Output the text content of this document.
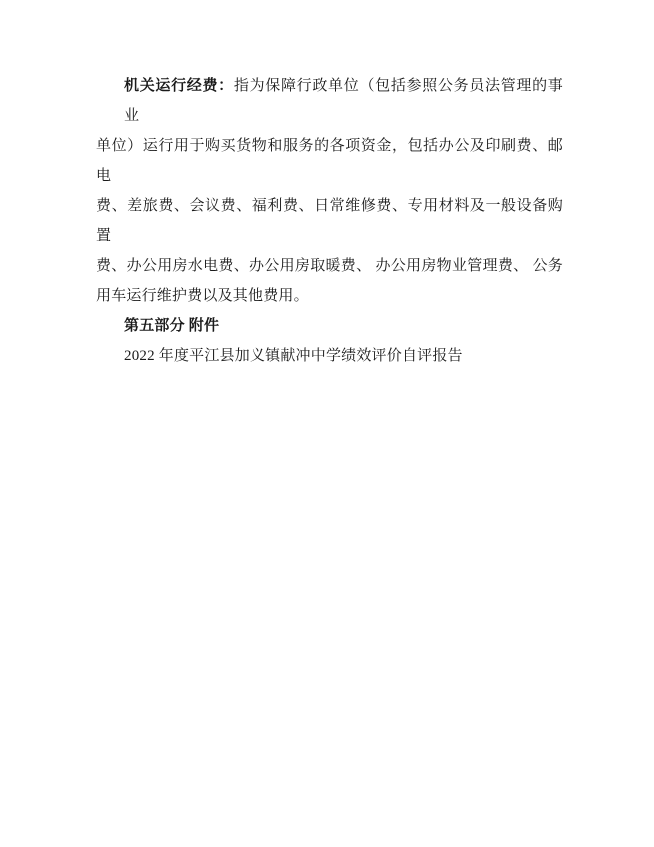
机关运行经费：指为保障行政单位（包括参照公务员法管理的事业

单位）运行用于购买货物和服务的各项资金，包括办公及印刷费、邮电

费、差旅费、会议费、福利费、日常维修费、专用材料及一般设备购置

费、办公用房水电费、办公用房取暖费、 办公用房物业管理费、 公务

用车运行维护费以及其他费用。

第五部分 附件

2022 年度平江县加义镇献冲中学绩效评价自评报告
